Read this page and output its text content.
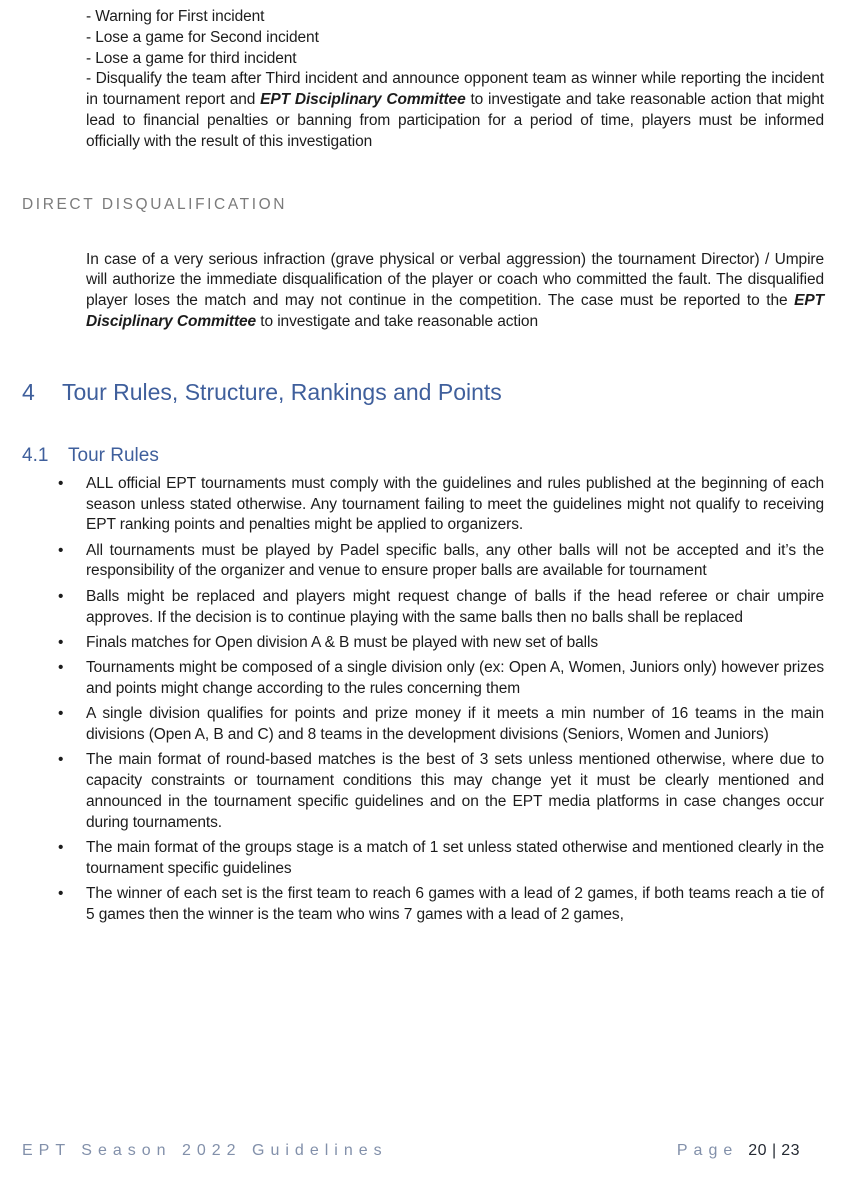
- Warning for First incident
- Lose a game for Second incident
- Lose a game for third incident

- Disqualify the team after Third incident and announce opponent team as winner while reporting the incident in tournament report and EPT Disciplinary Committee to investigate and take reasonable action that might lead to financial penalties or banning from participation for a period of time, players must be informed officially with the result of this investigation

DIRECT DISQUALIFICATION

In case of a very serious infraction (grave physical or verbal aggression) the tournament Director) / Umpire will authorize the immediate disqualification of the player or coach who committed the fault. The disqualified player loses the match and may not continue in the competition. The case must be reported to the EPT Disciplinary Committee to investigate and take reasonable action

4	Tour Rules, Structure, Rankings and Points
4.1	Tour Rules
• ALL official EPT tournaments must comply with the guidelines and rules published at the beginning of each season unless stated otherwise. Any tournament failing to meet the guidelines might not qualify to receiving EPT ranking points and penalties might be applied to organizers.
• All tournaments must be played by Padel specific balls, any other balls will not be accepted and it’s the responsibility of the organizer and venue to ensure proper balls are available for tournament
• Balls might be replaced and players might request change of balls if the head referee or chair umpire approves. If the decision is to continue playing with the same balls then no balls shall be replaced
• Finals matches for Open division A & B must be played with new set of balls
• Tournaments might be composed of a single division only (ex: Open A, Women, Juniors only) however prizes and points might change according to the rules concerning them
• A single division qualifies for points and prize money if it meets a min number of 16 teams in the main divisions (Open A, B and C) and 8 teams in the development divisions (Seniors, Women and Juniors)
• The main format of round-based matches is the best of 3 sets unless mentioned otherwise, where due to capacity constraints or tournament conditions this may change yet it must be clearly mentioned and announced in the tournament specific guidelines and on the EPT media platforms in case changes occur during tournaments.
• The main format of the groups stage is a match of 1 set unless stated otherwise and mentioned clearly in the tournament specific guidelines
• The winner of each set is the first team to reach 6 games with a lead of 2 games, if both teams reach a tie of 5 games then the winner is the team who wins 7 games with a lead of 2 games,
EPT Season 2022 Guidelines	Page 20 | 23
